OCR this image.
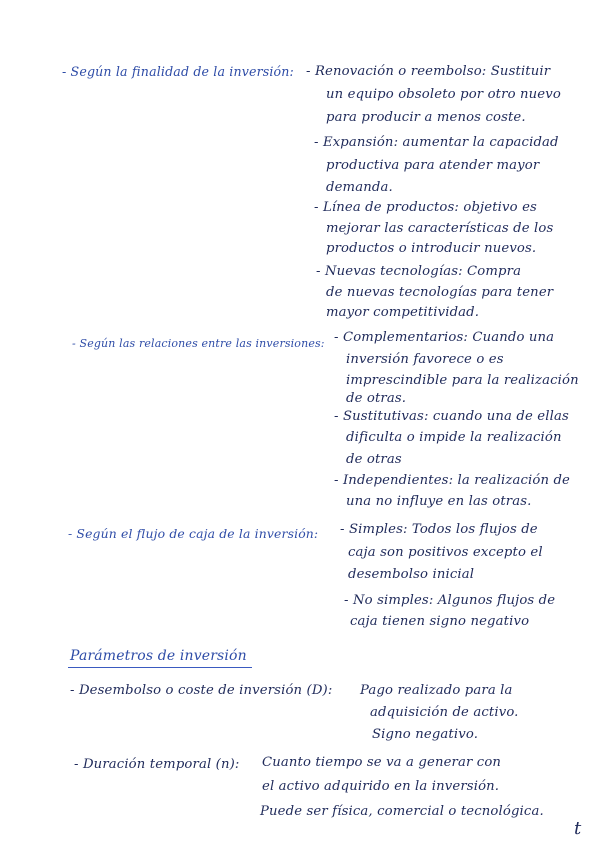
- Según la finalidad de la inversión: - Renovación o reembolso: Sustituir
un equipo obsoleto por otro nuevo
para producir a menos coste.
- Expansión: aumentar la capacidad
productiva para atender mayor
demanda.
- Línea de productos: objetivo es
mejorar las características de los
productos o introducir nuevos.
- Nuevas tecnologías: Compra
de nuevas tecnologías para tener
mayor competitividad.
- Según las relaciones entre las inversiones: - Complementarios: Cuando una
inversión favorece o es
imprescindible para la realización
de otras.
- Sustitutivas: cuando una de ellas
dificulta o impide la realización
de otras
- Independientes: la realización de
una no influye en las otras.
- Según el flujo de caja de la inversión: - Simples: Todos los flujos de
caja son positivos excepto el
desembolso inicial
- No simples: Algunos flujos de
caja tienen signo negativo
Parámetros de inversión
- Desembolso o coste de inversión (D): Pago realizado para la
adquisición de activo.
Signo negativo.
- Duración temporal (n): Cuanto tiempo se va a generar con
el activo adquirido en la inversión.
Puede ser física, comercial o tecnológica.
t
